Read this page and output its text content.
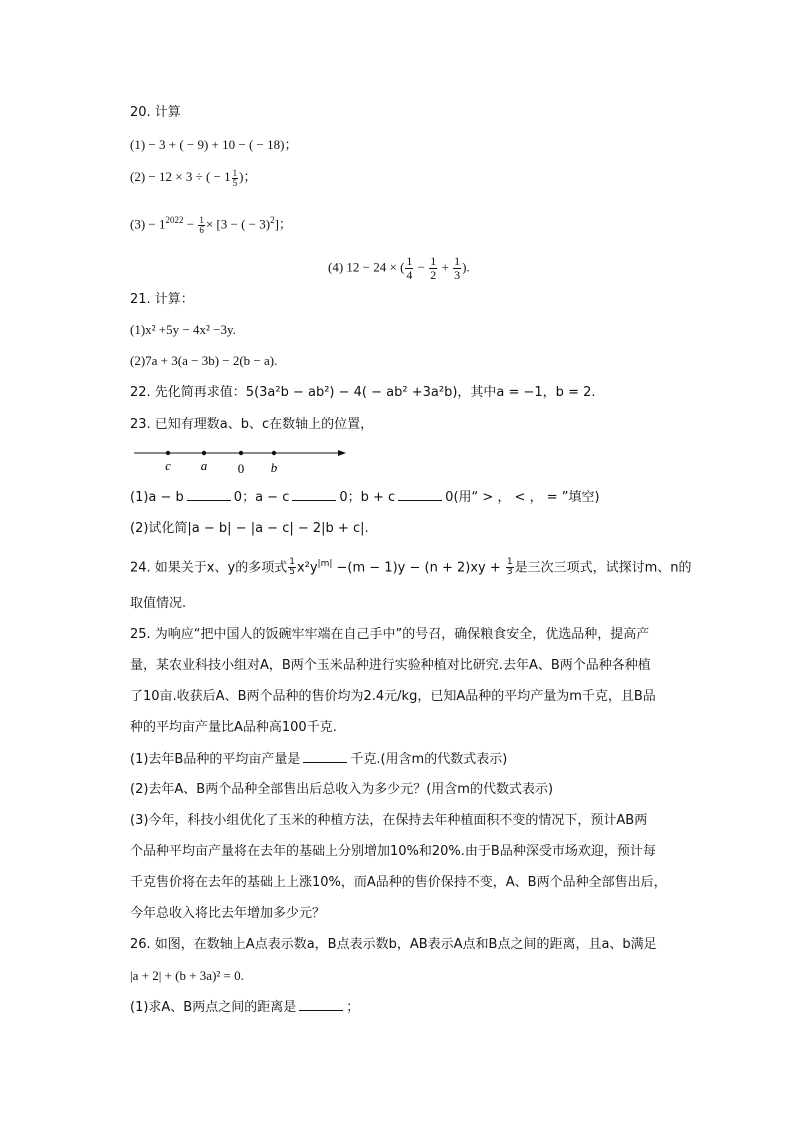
20. 计算
(1) − 3 + ( − 9) + 10 − ( − 18)；
(2) − 12 × 3 ÷ ( − $1 \frac{1}{5}$ )；
$(3) - 1^{2022} - \frac{1}{6} \times [3$ − ( − 3)$^2$]；
(4) 12 − 24 × ( $\frac{1}{4} - \frac{1}{2} + \frac{1}{3}$ ).
21. 计算：
(1)x² +5y − 4x² −3y.
(2)7a + 3(a − 3b) − 2(b − a).
22. 先化简再求值：5(3a²b − ab²) − 4( − ab² +3a²b)，其中a = −1，b = 2.
23. 已知有理数a、b、c在数轴上的位置，
c a 0 b
(1)a − b	0；a − c	0；b + c	0(用“ > ， < ， = ”填空)
(2)试化简|a − b| − |a − c| − 2|b + c|.
24. 如果关于x、y的多项式 $\frac{1}{5} x^2y^{|m|} -(m - 1)y - (n + 2)xy + \frac{1}{3}$ 是三次三项式，试探讨m、n的
取值情况.
25. 为响应“把中国人的饭碗牢牢端在自己手中”的号召，确保粮食安全，优选品种，提高产
量，某农业科技小组对A，B两个玉米品种进行实验种植对比研究.去年A、B两个品种各种植
了10亩.收获后A、B两个品种的售价均为2.4元/kg，已知A品种的平均产量为m千克，且B品
种的平均亩产量比A品种高100千克.
(1)去年B品种的平均亩产量是	千克.(用含m的代数式表示)
(2)去年A、B两个品种全部售出后总收入为多少元？(用含m的代数式表示)
(3)今年，科技小组优化了玉米的种植方法，在保持去年种植面积不变的情况下，预计AB两
个品种平均亩产量将在去年的基础上分别增加10%和20%.由于B品种深受市场欢迎，预计每
千克售价将在去年的基础上上涨10%，而A品种的售价保持不变，A、B两个品种全部售出后，
今年总收入将比去年增加多少元？
26. 如图，在数轴上A点表示数a，B点表示数b，AB表示A点和B点之间的距离，且a、b满足
|a + 2| + (b + 3a)² = 0.
(1)求A、B两点之间的距离是	；
